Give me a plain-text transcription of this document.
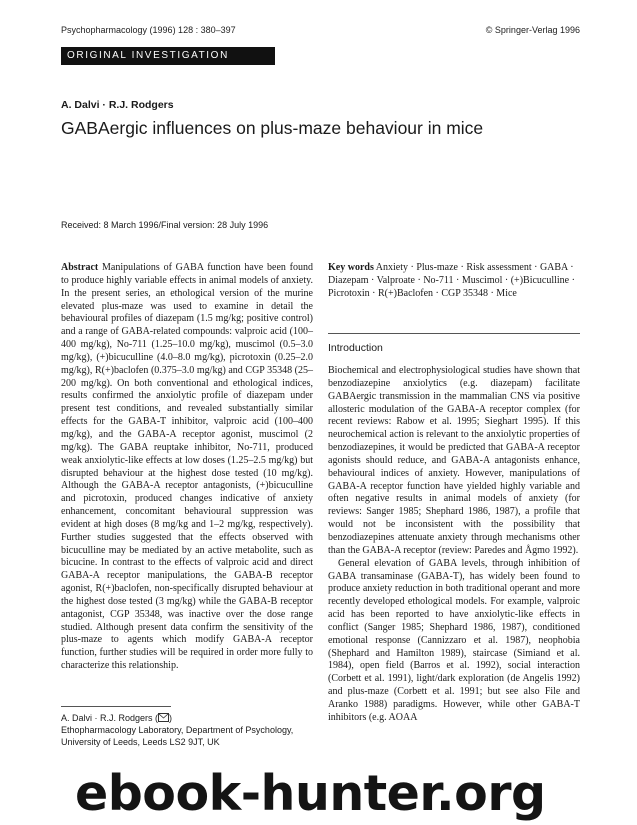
Psychopharmacology (1996) 128 : 380–397	© Springer-Verlag 1996
ORIGINAL INVESTIGATION
A. Dalvi · R.J. Rodgers
GABAergic influences on plus-maze behaviour in mice
Received: 8 March 1996/Final version: 28 July 1996

Abstract Manipulations of GABA function have been found to produce highly variable effects in animal models of anxiety. In the present series, an ethological version of the murine elevated plus-maze was used to examine in detail the behavioural profiles of diazepam (1.5 mg/kg; positive control) and a range of GABA-related compounds: valproic acid (100–400 mg/kg), No-711 (1.25–10.0 mg/kg), muscimol (0.5–3.0 mg/kg), (+)bicuculline (4.0–8.0 mg/kg), picrotoxin (0.25–2.0 mg/kg), R(+)baclofen (0.375–3.0 mg/kg) and CGP 35348 (25–200 mg/kg). On both conventional and ethological indices, results confirmed the anxiolytic profile of diazepam under present test conditions, and revealed substantially similar effects for the GABA-T inhibitor, valproic acid (100–400 mg/kg), and the GABA-A receptor agonist, muscimol (2 mg/kg). The GABA reuptake inhibitor, No-711, produced weak anxiolytic-like effects at low doses (1.25–2.5 mg/kg) but disrupted behaviour at the highest dose tested (10 mg/kg). Although the GABA-A receptor antagonists, (+)bicuculline and picrotoxin, produced changes indicative of anxiety enhancement, concomitant behavioural suppression was evident at high doses (8 mg/kg and 1–2 mg/kg, respectively). Further studies suggested that the effects observed with bicuculline may be mediated by an active metabolite, such as bicucine. In contrast to the effects of valproic acid and direct GABA-A receptor manipulations, the GABA-B receptor agonist, R(+)baclofen, non-specifically disrupted behaviour at the highest dose tested (3 mg/kg) while the GABA-B receptor antagonist, CGP 35348, was inactive over the dose range studied. Although present data confirm the sensitivity of the plus-maze to agents which modify GABA-A receptor function, further studies will be required in order more fully to characterize this relationship.

Key words Anxiety · Plus-maze · Risk assessment · GABA · Diazepam · Valproate · No-711 · Muscimol · (+)Bicuculline · Picrotoxin · R(+)Baclofen · CGP 35348 · Mice

Introduction

Biochemical and electrophysiological studies have shown that benzodiazepine anxiolytics (e.g. diazepam) facilitate GABAergic transmission in the mammalian CNS via positive allosteric modulation of the GABA-A receptor complex (for recent reviews: Rabow et al. 1995; Sieghart 1995). If this neurochemical action is relevant to the anxiolytic properties of benzodiazepines, it would be predicted that GABA-A receptor agonists should reduce, and GABA-A antagonists enhance, behavioural indices of anxiety. However, manipulations of GABA-A receptor function have yielded highly variable and often negative results in animal models of anxiety (for reviews: Sanger 1985; Shephard 1986, 1987), a profile that would not be inconsistent with the possibility that benzodiazepines attenuate anxiety through mechanisms other than the GABA-A receptor (review: Paredes and Ågmo 1992).

General elevation of GABA levels, through inhibition of GABA transaminase (GABA-T), has widely been found to produce anxiety reduction in both traditional operant and more recently developed ethological models. For example, valproic acid has been reported to have anxiolytic-like effects in conflict (Sanger 1985; Shephard 1986, 1987), conditioned emotional response (Cannizzaro et al. 1987), neophobia (Shephard and Hamilton 1989), staircase (Simiand et al. 1984), open field (Barros et al. 1992), social interaction (Corbett et al. 1991), light/dark exploration (de Angelis 1992) and plus-maze (Corbett et al. 1991; but see also File and Aranko 1988) paradigms. However, while other GABA-T inhibitors (e.g. AOAA

A. Dalvi · R.J. Rodgers ( )
Ethopharmacology Laboratory, Department of Psychology,
University of Leeds, Leeds LS2 9JT, UK
ebook-hunter.org
